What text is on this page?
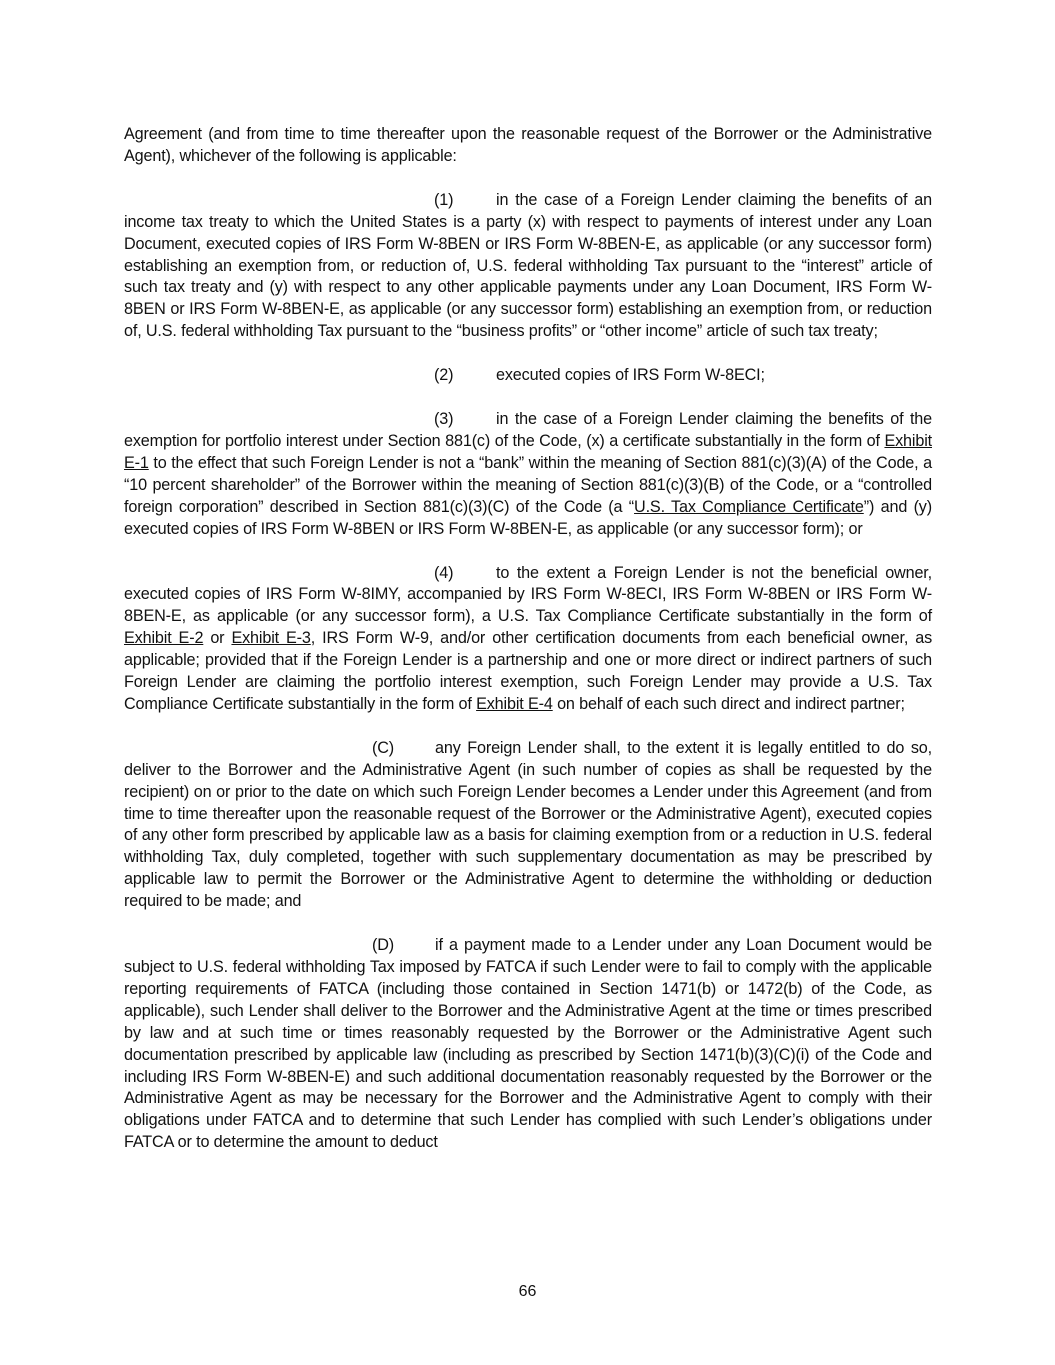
Agreement (and from time to time thereafter upon the reasonable request of the Borrower or the Administrative Agent), whichever of the following is applicable:

(1)	in the case of a Foreign Lender claiming the benefits of an income tax treaty to which the United States is a party (x) with respect to payments of interest under any Loan Document, executed copies of IRS Form W-8BEN or IRS Form W-8BEN-E, as applicable (or any successor form) establishing an exemption from, or reduction of, U.S. federal withholding Tax pursuant to the “interest” article of such tax treaty and (y) with respect to any other applicable payments under any Loan Document, IRS Form W-8BEN or IRS Form W-8BEN-E, as applicable (or any successor form) establishing an exemption from, or reduction of, U.S. federal withholding Tax pursuant to the “business profits” or “other income” article of such tax treaty;

(2)	executed copies of IRS Form W-8ECI;

(3)	in the case of a Foreign Lender claiming the benefits of the exemption for portfolio interest under Section 881(c) of the Code, (x) a certificate substantially in the form of Exhibit E-1 to the effect that such Foreign Lender is not a “bank” within the meaning of Section 881(c)(3)(A) of the Code, a “10 percent shareholder” of the Borrower within the meaning of Section 881(c)(3)(B) of the Code, or a “controlled foreign corporation” described in Section 881(c)(3)(C) of the Code (a “U.S. Tax Compliance Certificate”) and (y) executed copies of IRS Form W-8BEN or IRS Form W-8BEN-E, as applicable (or any successor form); or

(4)	to the extent a Foreign Lender is not the beneficial owner, executed copies of IRS Form W-8IMY, accompanied by IRS Form W-8ECI, IRS Form W-8BEN or IRS Form W-8BEN-E, as applicable (or any successor form), a U.S. Tax Compliance Certificate substantially in the form of Exhibit E-2 or Exhibit E-3, IRS Form W-9, and/or other certification documents from each beneficial owner, as applicable; provided that if the Foreign Lender is a partnership and one or more direct or indirect partners of such Foreign Lender are claiming the portfolio interest exemption, such Foreign Lender may provide a U.S. Tax Compliance Certificate substantially in the form of Exhibit E-4 on behalf of each such direct and indirect partner;

(C)	any Foreign Lender shall, to the extent it is legally entitled to do so, deliver to the Borrower and the Administrative Agent (in such number of copies as shall be requested by the recipient) on or prior to the date on which such Foreign Lender becomes a Lender under this Agreement (and from time to time thereafter upon the reasonable request of the Borrower or the Administrative Agent), executed copies of any other form prescribed by applicable law as a basis for claiming exemption from or a reduction in U.S. federal withholding Tax, duly completed, together with such supplementary documentation as may be prescribed by applicable law to permit the Borrower or the Administrative Agent to determine the withholding or deduction required to be made; and

(D)	if a payment made to a Lender under any Loan Document would be subject to U.S. federal withholding Tax imposed by FATCA if such Lender were to fail to comply with the applicable reporting requirements of FATCA (including those contained in Section 1471(b) or 1472(b) of the Code, as applicable), such Lender shall deliver to the Borrower and the Administrative Agent at the time or times prescribed by law and at such time or times reasonably requested by the Borrower or the Administrative Agent such documentation prescribed by applicable law (including as prescribed by Section 1471(b)(3)(C)(i) of the Code and including IRS Form W-8BEN-E) and such additional documentation reasonably requested by the Borrower or the Administrative Agent as may be necessary for the Borrower and the Administrative Agent to comply with their obligations under FATCA and to determine that such Lender has complied with such Lender’s obligations under FATCA or to determine the amount to deduct

66
